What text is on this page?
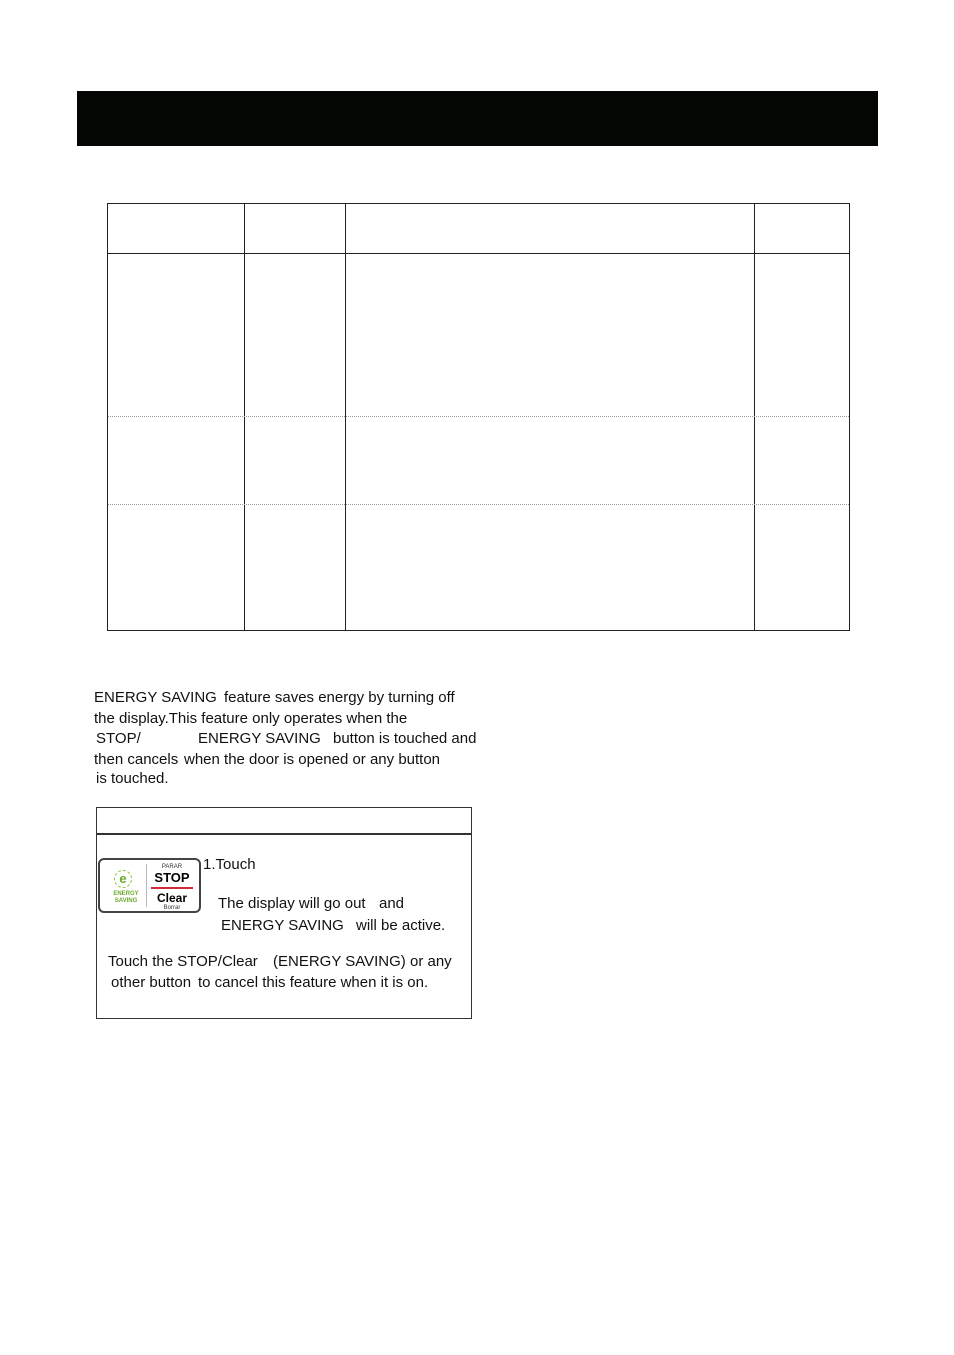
ENERGY SAVING feature saves energy by turning off
the display.This feature only operates when the
STOP/	ENERGY SAVING button is touched and
then cancels when the door is opened or any button
is touched.
e
ENERGY
SAVING
PARAR
STOP
Clear
Borrar
1.Touch
The display will go out and
ENERGY SAVING will be active.
Touch the STOP/Clear (ENERGY SAVING) or any
other button to cancel this feature when it is on.
